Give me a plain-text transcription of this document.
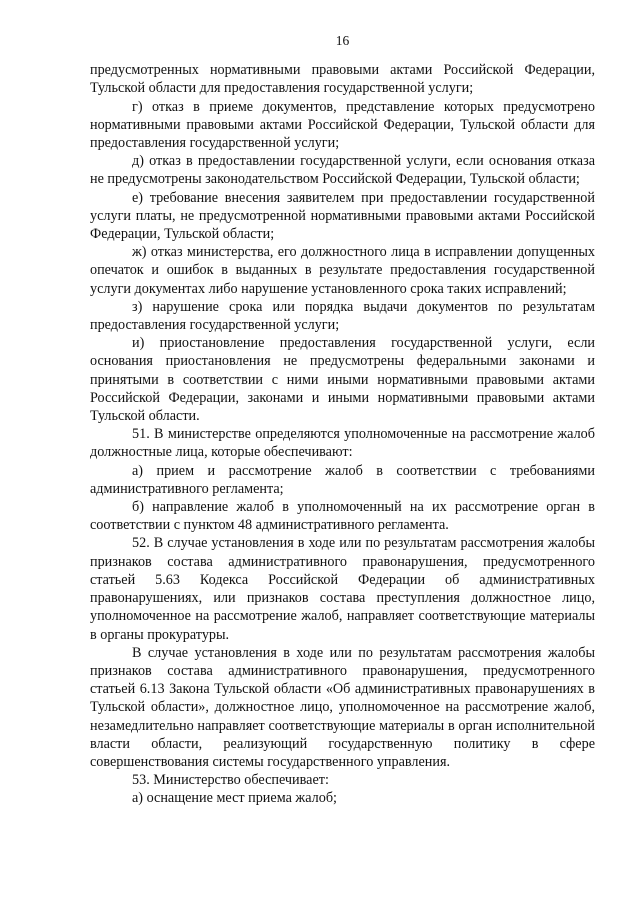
16

предусмотренных нормативными правовыми актами Российской Федерации, Тульской области для предоставления государственной услуги;

г) отказ в приеме документов, представление которых предусмотрено нормативными правовыми актами Российской Федерации, Тульской области для предоставления государственной услуги;

д) отказ в предоставлении государственной услуги, если основания отказа не предусмотрены законодательством Российской Федерации, Тульской области;

е) требование внесения заявителем при предоставлении государственной услуги платы, не предусмотренной нормативными правовыми актами Российской Федерации, Тульской области;

ж) отказ министерства, его должностного лица в исправлении допущенных опечаток и ошибок в выданных в результате предоставления государственной услуги документах либо нарушение установленного срока таких исправлений;

з) нарушение срока или порядка выдачи документов по результатам предоставления государственной услуги;

и) приостановление предоставления государственной услуги, если основания приостановления не предусмотрены федеральными законами и принятыми в соответствии с ними иными нормативными правовыми актами Российской Федерации, законами и иными нормативными правовыми актами Тульской области.

51. В министерстве определяются уполномоченные на рассмотрение жалоб должностные лица, которые обеспечивают:

а) прием и рассмотрение жалоб в соответствии с требованиями административного регламента;

б) направление жалоб в уполномоченный на их рассмотрение орган в соответствии с пунктом 48 административного регламента.

52. В случае установления в ходе или по результатам рассмотрения жалобы признаков состава административного правонарушения, предусмотренного статьей 5.63 Кодекса Российской Федерации об административных правонарушениях, или признаков состава преступления должностное лицо, уполномоченное на рассмотрение жалоб, направляет соответствующие материалы в органы прокуратуры.

В случае установления в ходе или по результатам рассмотрения жалобы признаков состава административного правонарушения, предусмотренного статьей 6.13 Закона Тульской области «Об административных правонарушениях в Тульской области», должностное лицо, уполномоченное на рассмотрение жалоб, незамедлительно направляет соответствующие материалы в орган исполнительной власти области, реализующий государственную политику в сфере совершенствования системы государственного управления.

53. Министерство обеспечивает:

а) оснащение мест приема жалоб;
